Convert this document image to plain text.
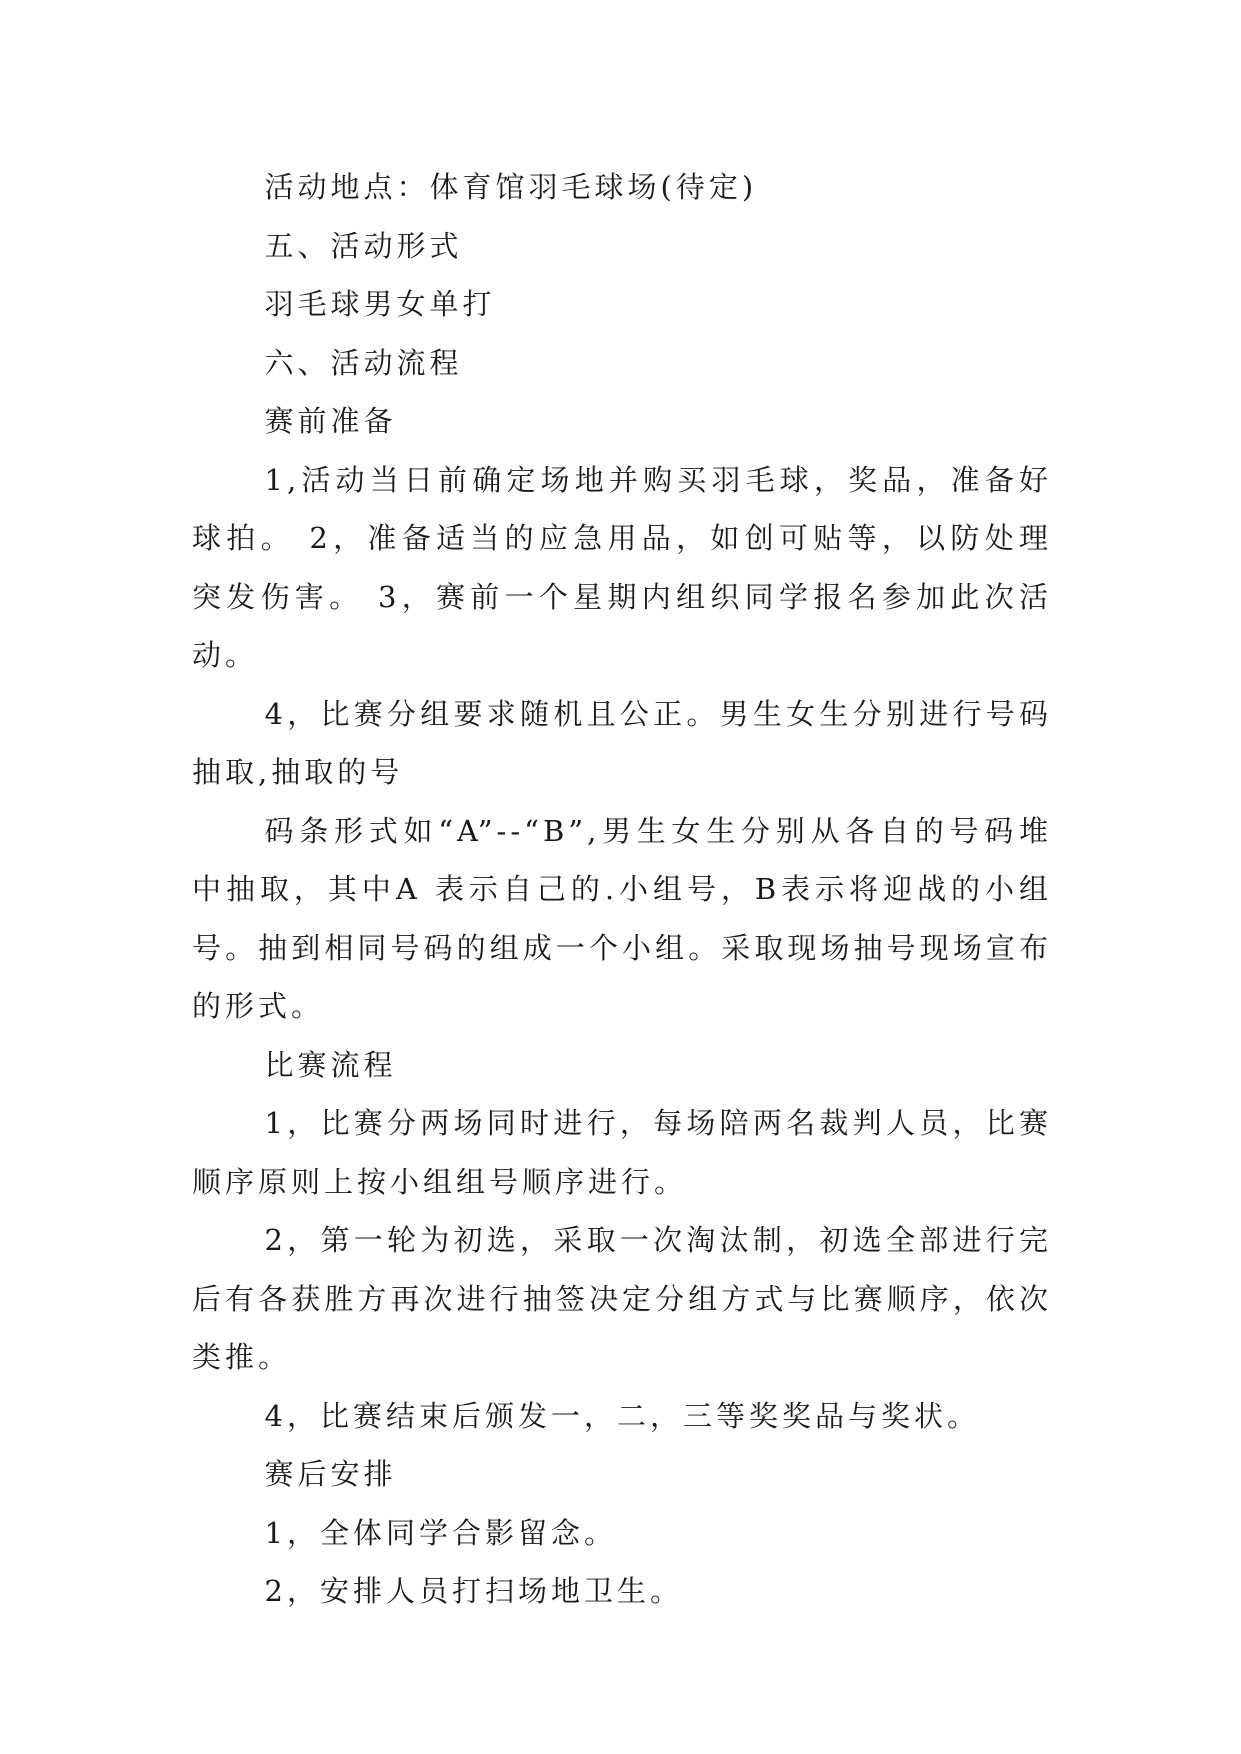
活动地点：体育馆羽毛球场(待定)

五、活动形式

羽毛球男女单打

六、活动流程

赛前准备

1,活动当日前确定场地并购买羽毛球，奖品，准备好球拍。 2，准备适当的应急用品，如创可贴等，以防处理突发伤害。 3，赛前一个星期内组织同学报名参加此次活动。

4，比赛分组要求随机且公正。男生女生分别进行号码抽取,抽取的号

码条形式如“A”--“B”,男生女生分别从各自的号码堆中抽取，其中A 表示自己的.小组号，B表示将迎战的小组号。抽到相同号码的组成一个小组。采取现场抽号现场宣布的形式。

比赛流程

1，比赛分两场同时进行，每场陪两名裁判人员，比赛顺序原则上按小组组号顺序进行。

2，第一轮为初选，采取一次淘汰制，初选全部进行完后有各获胜方再次进行抽签决定分组方式与比赛顺序，依次类推。

4，比赛结束后颁发一，二，三等奖奖品与奖状。

赛后安排

1，全体同学合影留念。

2，安排人员打扫场地卫生。
